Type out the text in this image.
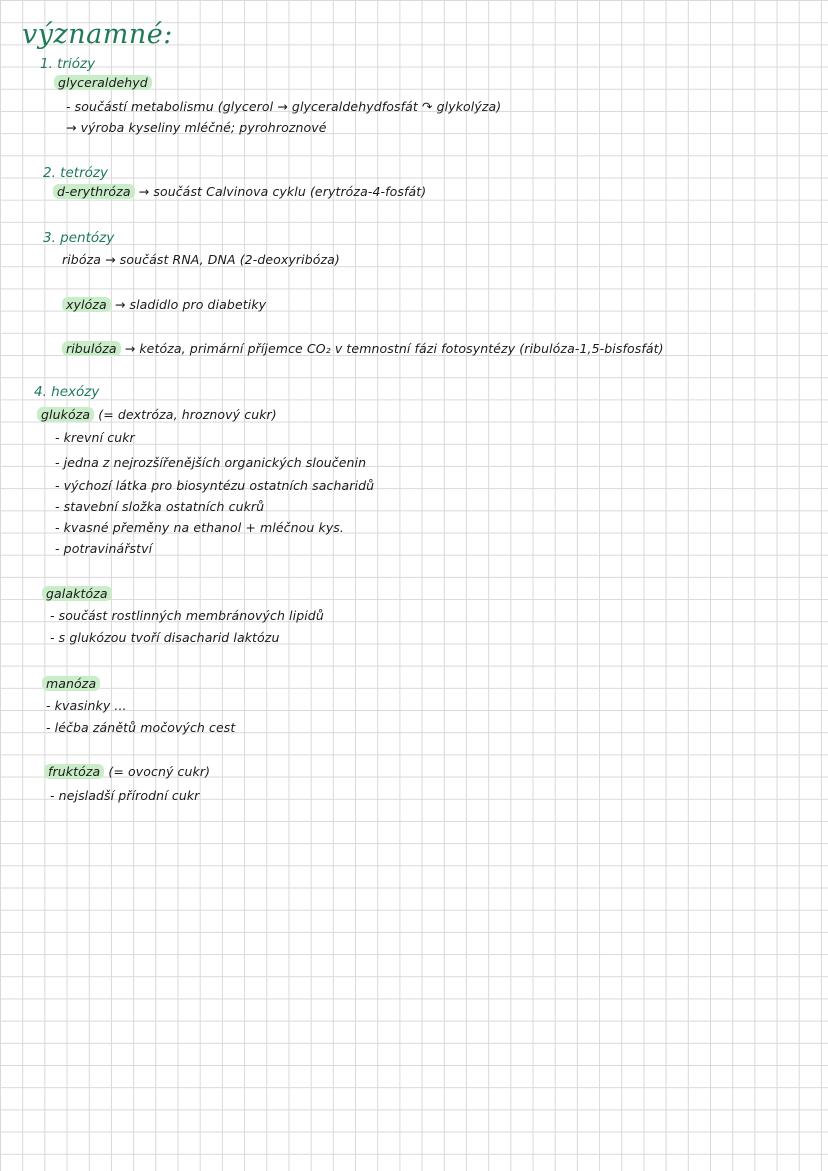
významné:
1. triózy
glyceraldehyd
- součástí metabolismu (glycerol → glyceraldehydfosfát ↷ glykolýza)
→ výroba kyseliny mléčné; pyrohroznové
2. tetrózy
d-erythróza → součást Calvinova cyklu (erytróza-4-fosfát)
3. pentózy
ribóza → součást RNA, DNA (2-deoxyribóza)
xylóza → sladidlo pro diabetiky
ribulóza → ketóza, primární příjemce CO₂ v temnostní fázi fotosyntézy (ribulóza-1,5-bisfosfát)
4. hexózy
glukóza (= dextróza, hroznový cukr)
- krevní cukr
- jedna z nejrozšířenějších organických sloučenin
- výchozí látka pro biosyntézu ostatních sacharidů
- stavební složka ostatních cukrů
- kvasné přeměny na ethanol + mléčnou kys.
- potravinářství
galaktóza
- součást rostlinných membránových lipidů
- s glukózou tvoří disacharid laktózu
manóza
- kvasinky ...
- léčba zánětů močových cest
fruktóza (= ovocný cukr)
- nejsladší přírodní cukr
